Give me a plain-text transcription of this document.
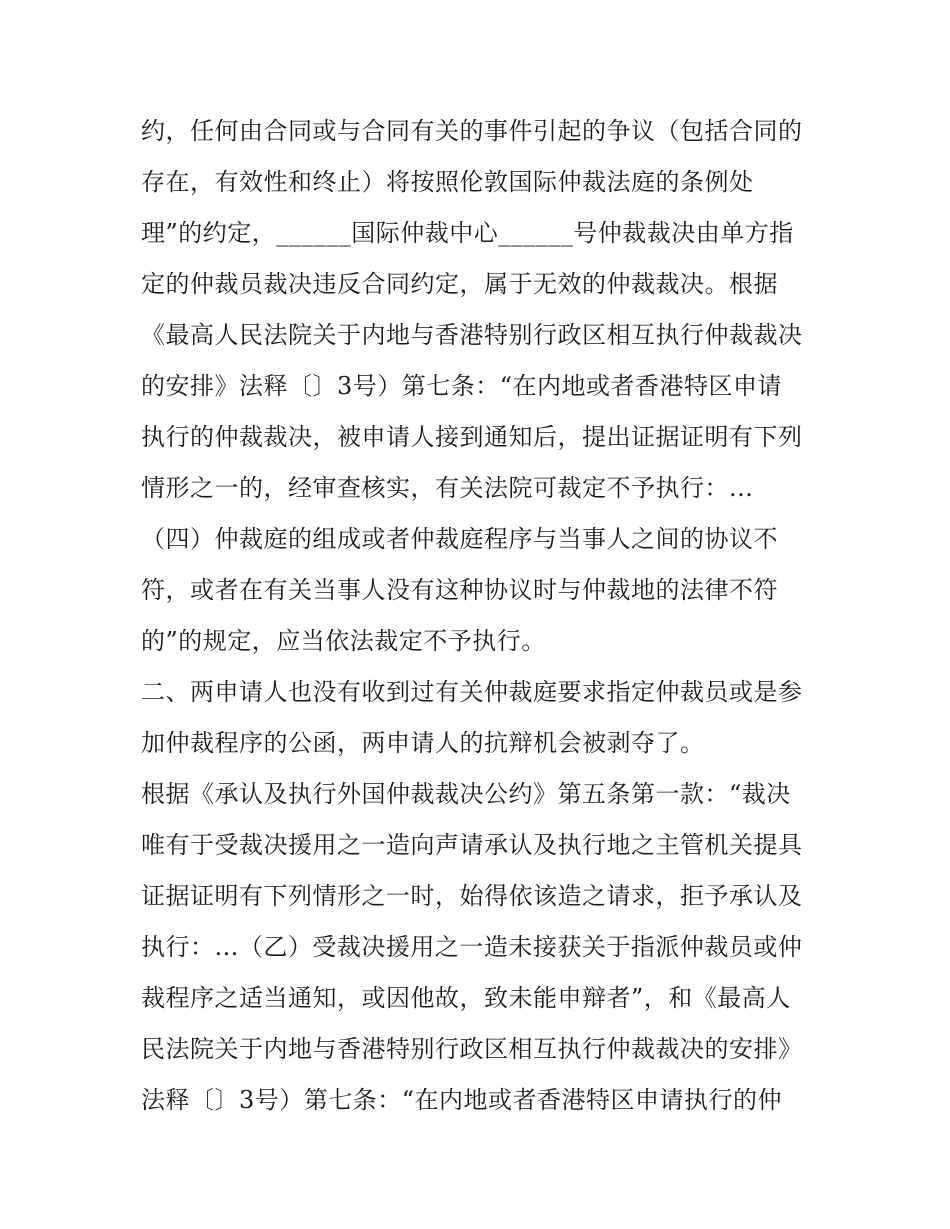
约，任何由合同或与合同有关的事件引起的争议（包括合同的
存在，有效性和终止）将按照伦敦国际仲裁法庭的条例处
理”的约定，______国际仲裁中心______号仲裁裁决由单方指
定的仲裁员裁决违反合同约定，属于无效的仲裁裁决。根据
《最高人民法院关于内地与香港特别行政区相互执行仲裁裁决
的安排》法释〔〕3号）第七条：“在内地或者香港特区申请
执行的仲裁裁决，被申请人接到通知后，提出证据证明有下列
情形之一的，经审查核实，有关法院可裁定不予执行：...
（四）仲裁庭的组成或者仲裁庭程序与当事人之间的协议不
符，或者在有关当事人没有这种协议时与仲裁地的法律不符
的”的规定，应当依法裁定不予执行。
二、两申请人也没有收到过有关仲裁庭要求指定仲裁员或是参
加仲裁程序的公函，两申请人的抗辩机会被剥夺了。
根据《承认及执行外国仲裁裁决公约》第五条第一款：“裁决
唯有于受裁决援用之一造向声请承认及执行地之主管机关提具
证据证明有下列情形之一时，始得依该造之请求，拒予承认及
执行：...（乙）受裁决援用之一造未接获关于指派仲裁员或仲
裁程序之适当通知，或因他故，致未能申辩者”，和《最高人
民法院关于内地与香港特别行政区相互执行仲裁裁决的安排》
法释〔〕3号）第七条：“在内地或者香港特区申请执行的仲
